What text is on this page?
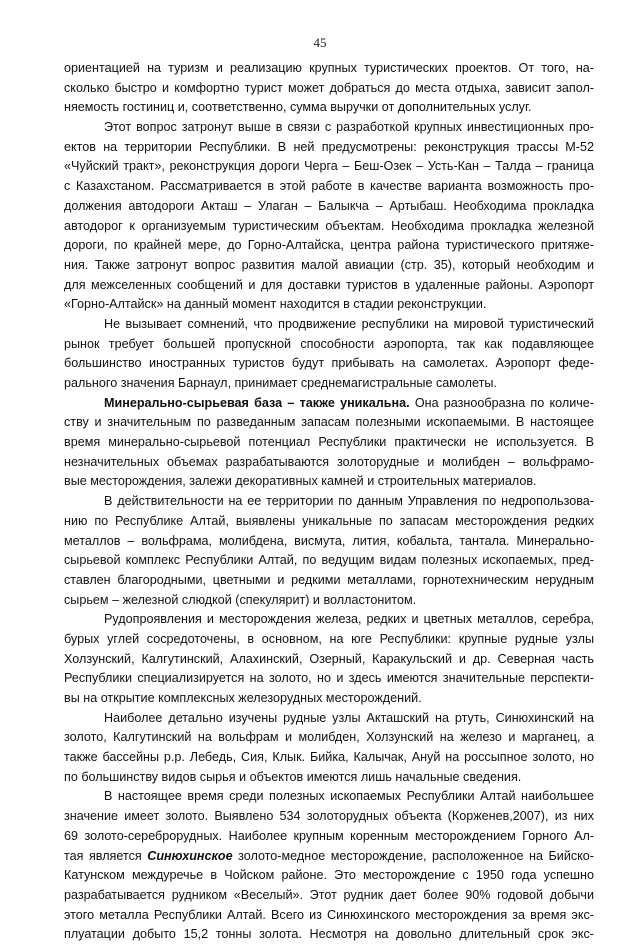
45
ориентацией на туризм и реализацию крупных туристических проектов. От того, на-
сколько быстро и комфортно турист может добраться до места отдыха, зависит запол-
няемость гостиниц и, соответственно, сумма выручки от дополнительных услуг.
Этот вопрос затронут выше в связи с разработкой крупных инвестиционных про-
ектов на территории Республики. В ней предусмотрены: реконструкция трассы М-52
«Чуйский тракт», реконструкция дороги Черга – Беш-Озек – Усть-Кан – Талда – граница
с Казахстаном. Рассматривается в этой работе в качестве варианта возможность про-
должения автодороги Акташ – Улаган – Балыкча – Артыбаш. Необходима прокладка
автодорог к организуемым туристическим объектам. Необходима прокладка железной
дороги, по крайней мере, до Горно-Алтайска, центра района туристического притяже-
ния. Также затронут вопрос развития малой авиации (стр. 35), который необходим и
для межселенных сообщений и для доставки туристов в удаленные районы. Аэропорт
«Горно-Алтайск» на данный момент находится в стадии реконструкции.
Не вызывает сомнений, что продвижение республики на мировой туристический
рынок требует большей пропускной способности аэропорта, так как подавляющее
большинство иностранных туристов будут прибывать на самолетах. Аэропорт феде-
рального значения Барнаул, принимает среднемагистральные самолеты.
Минерально-сырьевая база – также уникальна. Она разнообразна по количе-
ству и значительным по разведанным запасам полезными ископаемыми. В настоящее
время минерально-сырьевой потенциал Республики практически не используется. В
незначительных объемах разрабатываются золоторудные и молибден – вольфрамо-
вые месторождения, залежи декоративных камней и строительных материалов.
В действительности на ее территории по данным Управления по недропользова-
нию по Республике Алтай, выявлены уникальные по запасам месторождения редких
металлов – вольфрама, молибдена, висмута, лития, кобальта, тантала. Минерально-
сырьевой комплекс Республики Алтай, по ведущим видам полезных ископаемых, пред-
ставлен благородными, цветными и редкими металлами, горнотехническим нерудным
сырьем – железной слюдкой (спекулярит) и волластонитом.
Рудопроявления и месторождения железа, редких и цветных металлов, серебра,
бурых углей сосредоточены, в основном, на юге Республики: крупные рудные узлы
Холзунский, Калгутинский, Алахинский, Озерный, Каракульский и др. Северная часть
Республики специализируется на золото, но и здесь имеются значительные перспекти-
вы на открытие комплексных железорудных месторождений.
Наиболее детально изучены рудные узлы Акташский на ртуть, Синюхинский на
золото, Калгутинский на вольфрам и молибден, Холзунский на железо и марганец, а
также бассейны р.р. Лебедь, Сия, Клык. Бийка, Калычак, Ануй на россыпное золото, но
по большинству видов сырья и объектов имеются лишь начальные сведения.
В настоящее время среди полезных ископаемых Республики Алтай наибольшее
значение имеет золото. Выявлено 534 золоторудных объекта (Корженев,2007), из них
69 золото-сереброрудных. Наиболее крупным коренным месторождением Горного Ал-
тая является Синюхинское золото-медное месторождение, расположенное на Бийско-
Катунском междуречье в Чойском районе. Это месторождение с 1950 года успешно
разрабатывается рудником «Веселый». Этот рудник дает более 90% годовой добычи
этого металла Республики Алтай. Всего из Синюхинского месторождения за время экс-
плуатации добыто 15,2 тонны золота. Несмотря на довольно длительный срок экс-
